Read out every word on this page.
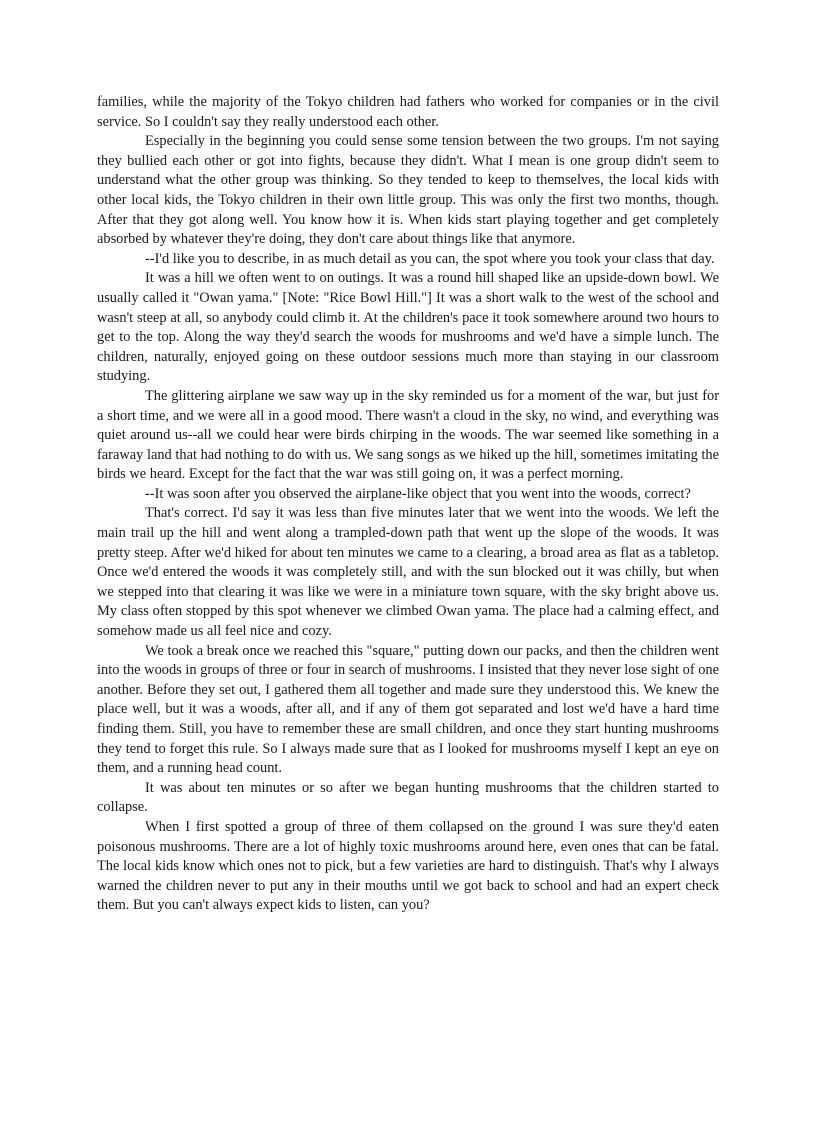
families, while the majority of the Tokyo children had fathers who worked for companies or in the civil service. So I couldn't say they really understood each other.

Especially in the beginning you could sense some tension between the two groups. I'm not saying they bullied each other or got into fights, because they didn't. What I mean is one group didn't seem to understand what the other group was thinking. So they tended to keep to themselves, the local kids with other local kids, the Tokyo children in their own little group. This was only the first two months, though. After that they got along well. You know how it is. When kids start playing together and get completely absorbed by whatever they're doing, they don't care about things like that anymore.

--I'd like you to describe, in as much detail as you can, the spot where you took your class that day.

It was a hill we often went to on outings. It was a round hill shaped like an upside-down bowl. We usually called it "Owan yama." [Note: "Rice Bowl Hill."] It was a short walk to the west of the school and wasn't steep at all, so anybody could climb it. At the children's pace it took somewhere around two hours to get to the top. Along the way they'd search the woods for mushrooms and we'd have a simple lunch. The children, naturally, enjoyed going on these outdoor sessions much more than staying in our classroom studying.

The glittering airplane we saw way up in the sky reminded us for a moment of the war, but just for a short time, and we were all in a good mood. There wasn't a cloud in the sky, no wind, and everything was quiet around us--all we could hear were birds chirping in the woods. The war seemed like something in a faraway land that had nothing to do with us. We sang songs as we hiked up the hill, sometimes imitating the birds we heard. Except for the fact that the war was still going on, it was a perfect morning.

--It was soon after you observed the airplane-like object that you went into the woods, correct?

That's correct. I'd say it was less than five minutes later that we went into the woods. We left the main trail up the hill and went along a trampled-down path that went up the slope of the woods. It was pretty steep. After we'd hiked for about ten minutes we came to a clearing, a broad area as flat as a tabletop. Once we'd entered the woods it was completely still, and with the sun blocked out it was chilly, but when we stepped into that clearing it was like we were in a miniature town square, with the sky bright above us. My class often stopped by this spot whenever we climbed Owan yama. The place had a calming effect, and somehow made us all feel nice and cozy.

We took a break once we reached this "square," putting down our packs, and then the children went into the woods in groups of three or four in search of mushrooms. I insisted that they never lose sight of one another. Before they set out, I gathered them all together and made sure they understood this. We knew the place well, but it was a woods, after all, and if any of them got separated and lost we'd have a hard time finding them. Still, you have to remember these are small children, and once they start hunting mushrooms they tend to forget this rule. So I always made sure that as I looked for mushrooms myself I kept an eye on them, and a running head count.

It was about ten minutes or so after we began hunting mushrooms that the children started to collapse.

When I first spotted a group of three of them collapsed on the ground I was sure they'd eaten poisonous mushrooms. There are a lot of highly toxic mushrooms around here, even ones that can be fatal. The local kids know which ones not to pick, but a few varieties are hard to distinguish. That's why I always warned the children never to put any in their mouths until we got back to school and had an expert check them. But you can't always expect kids to listen, can you?
